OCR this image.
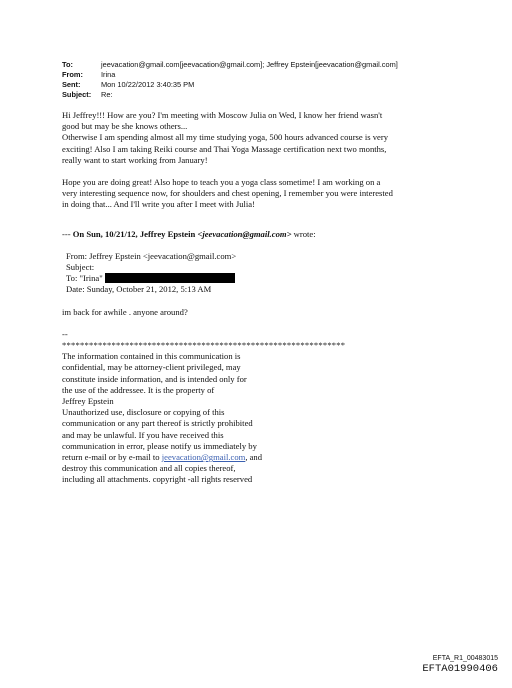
To:	jeevacation@gmail.com[jeevacation@gmail.com]; Jeffrey Epstein[jeevacation@gmail.com]
From:	Irina
Sent:	Mon 10/22/2012 3:40:35 PM
Subject:	Re:

Hi Jeffrey!!! How are you? I'm meeting with Moscow Julia on Wed, I know her friend wasn't

good but may be she knows others...

Otherwise I am spending almost all my time studying yoga, 500 hours advanced course is very

exciting! Also I am taking Reiki course and Thai Yoga Massage certification next two months,

really want to start working from January!

Hope you are doing great! Also hope to teach you a yoga class sometime! I am working on a

very interesting sequence now, for shoulders and chest opening, I remember you were interested

in doing that... And I'll write you after I meet with Julia!

--- On Sun, 10/21/12, Jeffrey Epstein <jeevacation@gmail.com> wrote:

From: Jeffrey Epstein <jeevacation@gmail.com>

Subject:

To: "Irina"

Date: Sunday, October 21, 2012, 5:13 AM

im back for awhile . anyone around?

--

***************************************************************

The information contained in this communication is

confidential, may be attorney-client privileged, may

constitute inside information, and is intended only for

the use of the addressee. It is the property of

Jeffrey Epstein

Unauthorized use, disclosure or copying of this

communication or any part thereof is strictly prohibited

and may be unlawful. If you have received this

communication in error, please notify us immediately by

return e-mail or by e-mail to jeevacation@gmail.com, and

destroy this communication and all copies thereof,

including all attachments. copyright -all rights reserved

EFTA_R1_00483015
EFTA01990406
